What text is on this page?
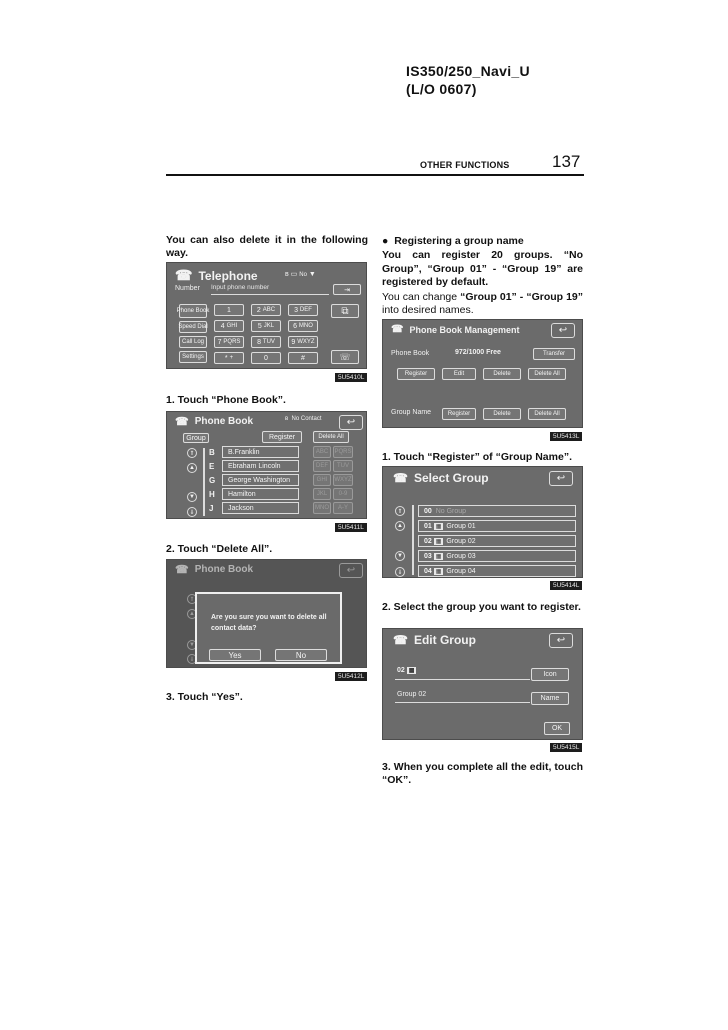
IS350/250_Navi_U
(L/O 0607)
OTHER FUNCTIONS	137
You can also delete it in the following way.
☎ Telephone	ʙ ▭ No ▼
Number Input phone number	⇥
Phone Book
Speed Dial
Call Log
Settings
1	2
ABC	3
DEF
4
GHI	5
JKL	6
MNO
7
PQRS 8
TUV 9
WXYZ
*
+	0	#
⧉
☏
5U5410L
1. Touch “Phone Book”.
☎ Phone Book	ʙ No Contact	↩
Group	Register	Delete All
⇑
▲
▼
⇓
B	B.Franklin
E	Ebraham Lincoln
G	George Washington
H	Hamilton
J	Jackson
ABC	PQRS
DEF	TUV
GHI	WXYZ
JKL	0-9
MNO	A-Y
5U5411L
2. Touch “Delete All”.
☎ Phone Book	↩
⇑
▲
▼
⇓
Are you sure you want to delete all contact data?
Yes	No
5U5412L
3. Touch “Yes”.
●  Registering a group name
You can register 20 groups. “No Group”, “Group 01” - “Group 19” are registered by default.
You can change “Group 01” - “Group 19” into desired names.
☎ Phone Book Management	↩
Phone Book	972/1000 Free	Transfer
Register	Edit	Delete	Delete All
Group Name	Register	Delete	Delete All
5U5413L
1. Touch “Register” of “Group Name”.
☎ Select Group	↩
⇑
▲
▼
⇓
00
No Group
01
▦ Group 01
02
▦ Group 02
03
▦ Group 03
04
▦ Group 04
5U5414L
2. Select the group you want to register.
☎ Edit Group	↩
02 ▦	Icon
Group 02
Name
OK
5U5415L
3. When you complete all the edit, touch “OK”.
